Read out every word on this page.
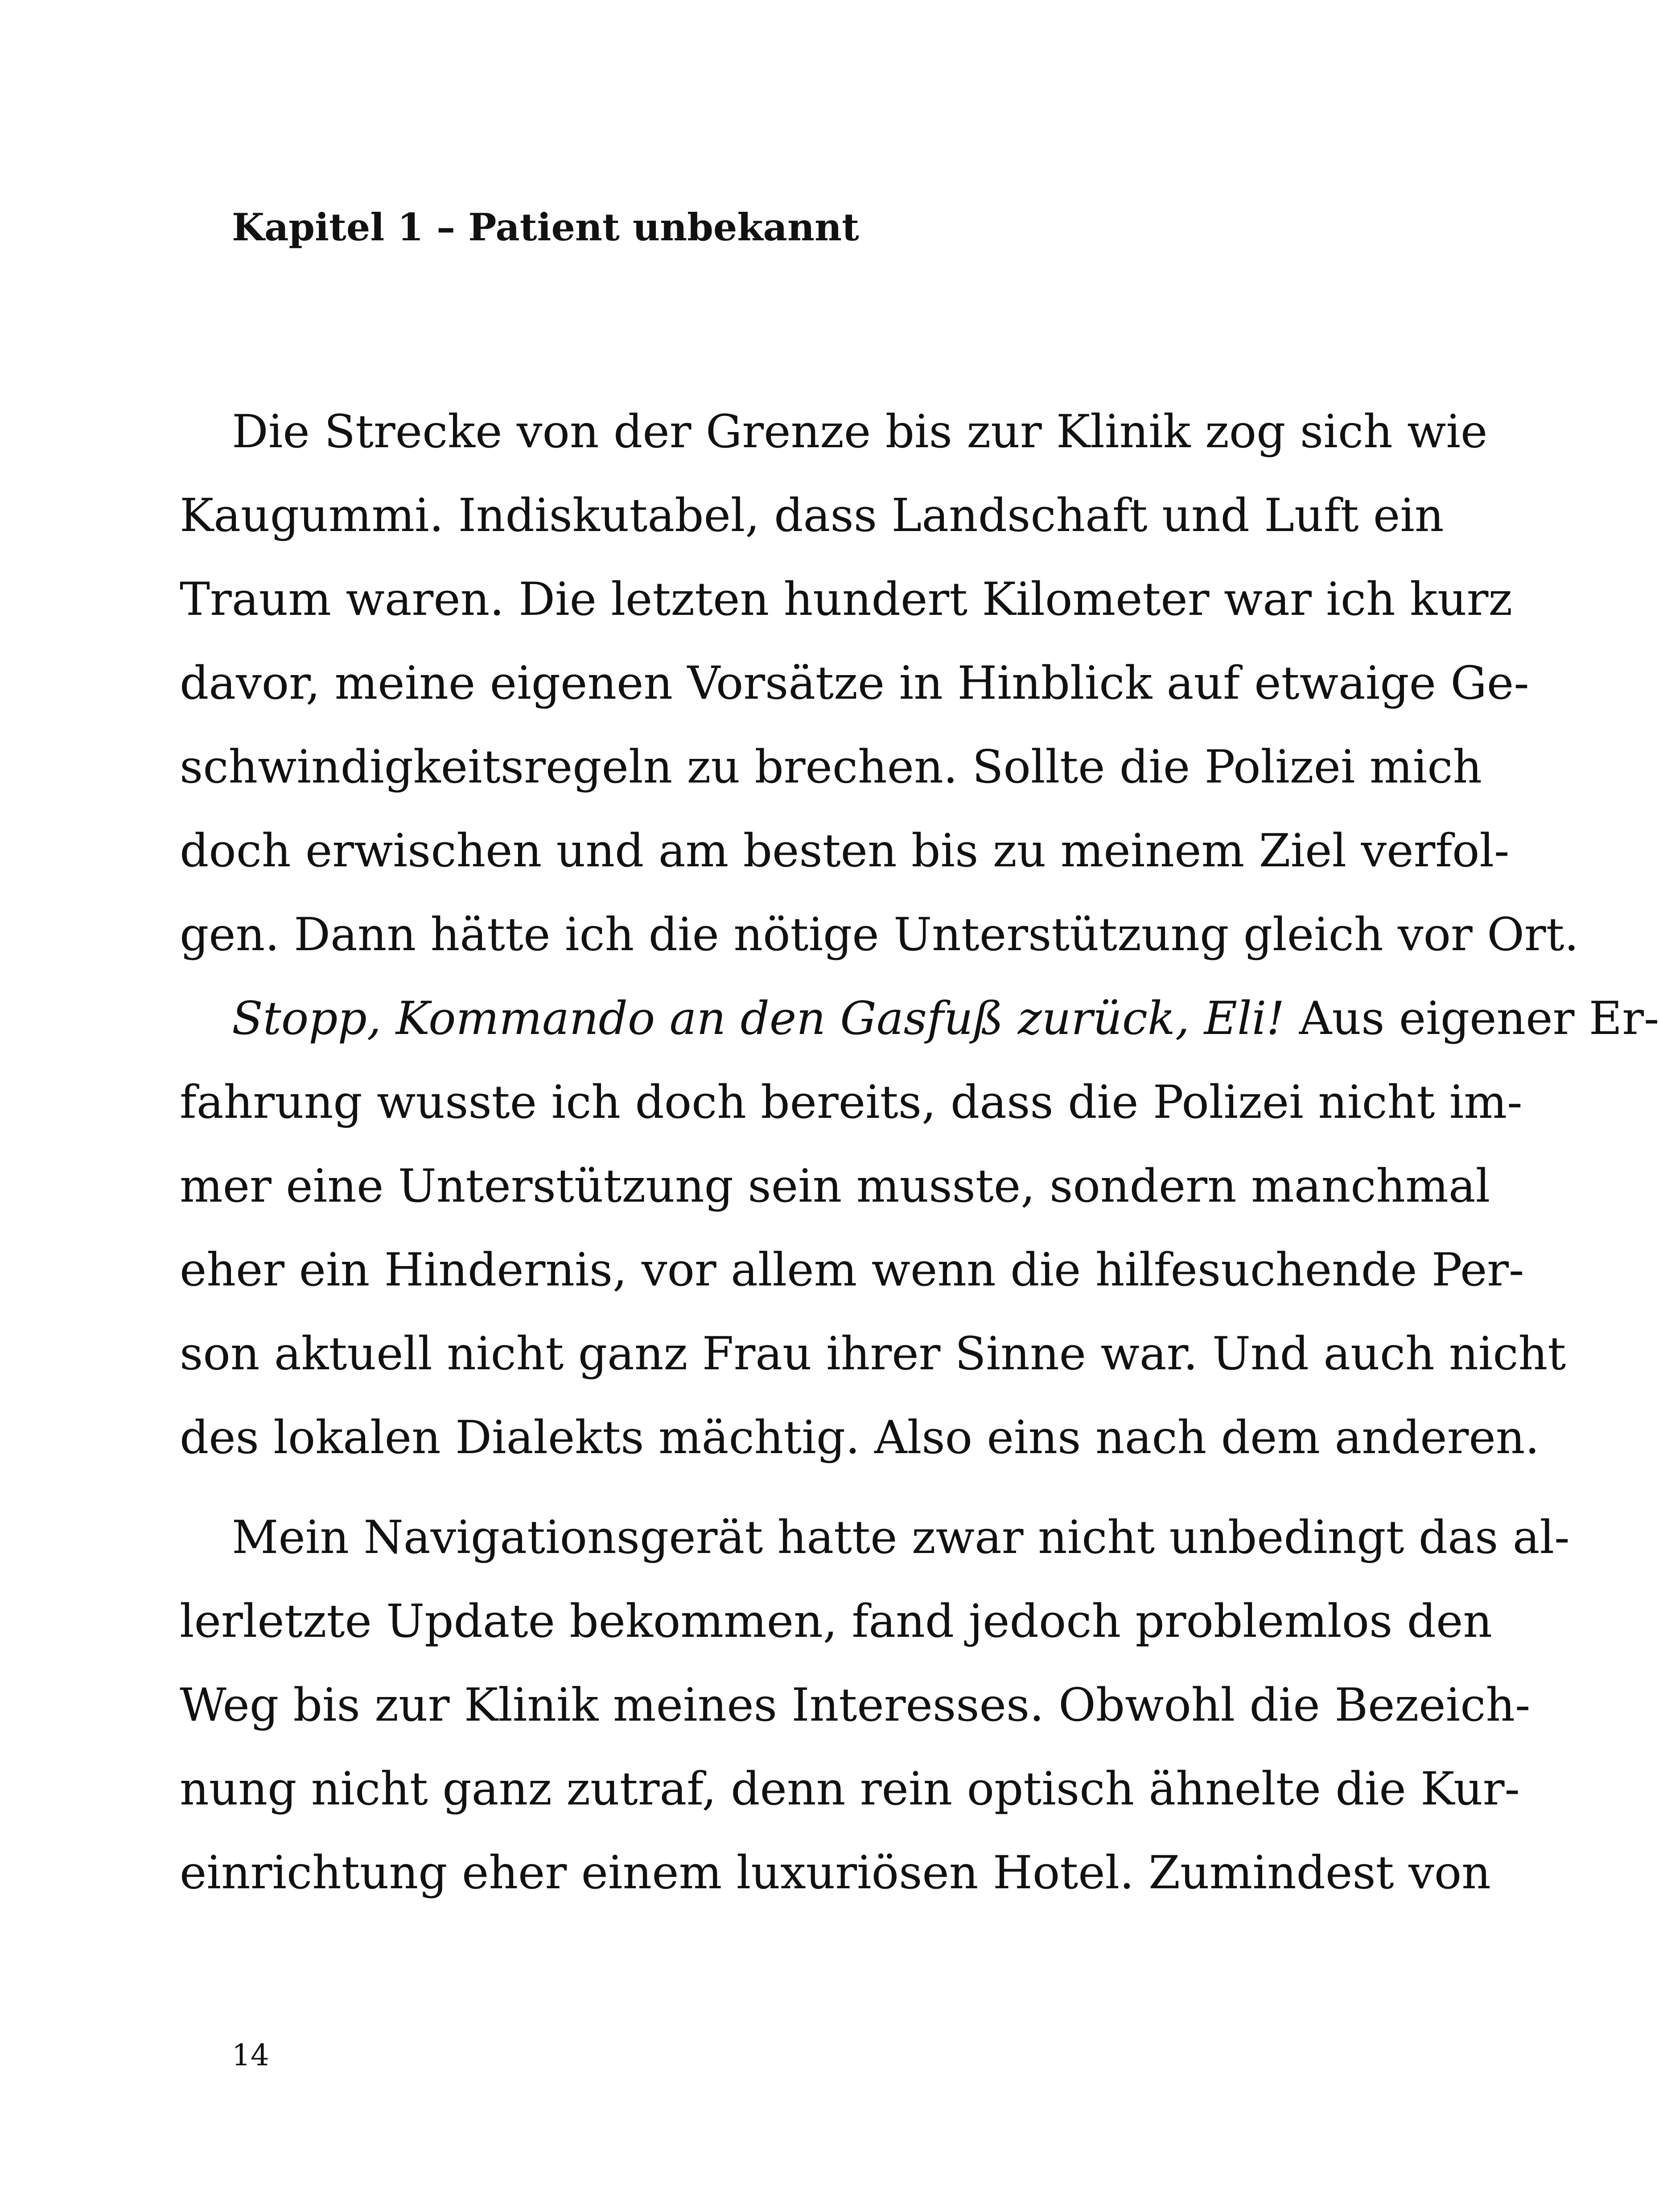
Kapitel 1 – Patient unbekannt
Die Strecke von der Grenze bis zur Klinik zog sich wie
Kaugummi. Indiskutabel, dass Landschaft und Luft ein
Traum waren. Die letzten hundert Kilometer war ich kurz
davor, meine eigenen Vorsätze in Hinblick auf etwaige Ge-
schwindigkeitsregeln zu brechen. Sollte die Polizei mich
doch erwischen und am besten bis zu meinem Ziel verfol-
gen. Dann hätte ich die nötige Unterstützung gleich vor Ort.
Stopp, Kommando an den Gasfuß zurück, Eli! Aus eigener Er-
fahrung wusste ich doch bereits, dass die Polizei nicht im-
mer eine Unterstützung sein musste, sondern manchmal
eher ein Hindernis, vor allem wenn die hilfesuchende Per-
son aktuell nicht ganz Frau ihrer Sinne war. Und auch nicht
des lokalen Dialekts mächtig. Also eins nach dem anderen.
Mein Navigationsgerät hatte zwar nicht unbedingt das al-
lerletzte Update bekommen, fand jedoch problemlos den
Weg bis zur Klinik meines Interesses. Obwohl die Bezeich-
nung nicht ganz zutraf, denn rein optisch ähnelte die Kur-
einrichtung eher einem luxuriösen Hotel. Zumindest von

14
